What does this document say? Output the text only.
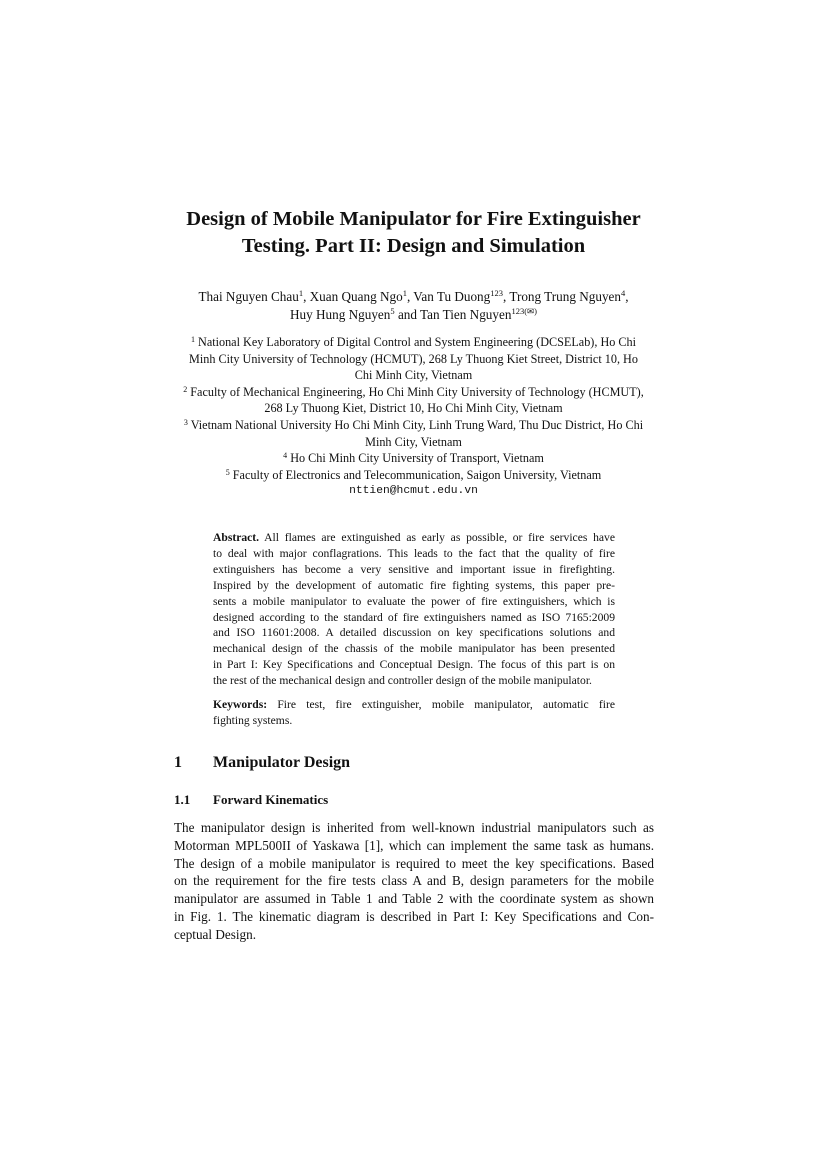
Design of Mobile Manipulator for Fire Extinguisher
Testing. Part II: Design and Simulation
Thai Nguyen Chau$^1$, Xuan Quang Ngo$^1$, Van Tu Duong$^{123}$, Trong Trung Nguyen$^4$,
Huy Hung Nguyen$^5$ and Tan Tien Nguyen$^{123(✉)}$
$^1$ National Key Laboratory of Digital Control and System Engineering (DCSELab), Ho Chi
Minh City University of Technology (HCMUT), 268 Ly Thuong Kiet Street, District 10, Ho
Chi Minh City, Vietnam
$^2$ Faculty of Mechanical Engineering, Ho Chi Minh City University of Technology (HCMUT),
268 Ly Thuong Kiet, District 10, Ho Chi Minh City, Vietnam
$^3$ Vietnam National University Ho Chi Minh City, Linh Trung Ward, Thu Duc District, Ho Chi
Minh City, Vietnam
$^4$ Ho Chi Minh City University of Transport, Vietnam
$^5$ Faculty of Electronics and Telecommunication, Saigon University, Vietnam
nttien@hcmut.edu.vn
Abstract. All flames are extinguished as early as possible, or fire services have
to deal with major conflagrations. This leads to the fact that the quality of fire
extinguishers has become a very sensitive and important issue in firefighting.
Inspired by the development of automatic fire fighting systems, this paper pre-
sents a mobile manipulator to evaluate the power of fire extinguishers, which is
designed according to the standard of fire extinguishers named as ISO 7165:2009
and ISO 11601:2008. A detailed discussion on key specifications solutions and
mechanical design of the chassis of the mobile manipulator has been presented
in Part I: Key Specifications and Conceptual Design. The focus of this part is on
the rest of the mechanical design and controller design of the mobile manipulator.
Keywords: Fire test, fire extinguisher, mobile manipulator, automatic fire
fighting systems.
1 Manipulator Design
1.1 Forward Kinematics
The manipulator design is inherited from well-known industrial manipulators such as
Motorman MPL500II of Yaskawa [1], which can implement the same task as humans.
The design of a mobile manipulator is required to meet the key specifications. Based
on the requirement for the fire tests class A and B, design parameters for the mobile
manipulator are assumed in Table 1 and Table 2 with the coordinate system as shown
in Fig. 1. The kinematic diagram is described in Part I: Key Specifications and Con-
ceptual Design.
